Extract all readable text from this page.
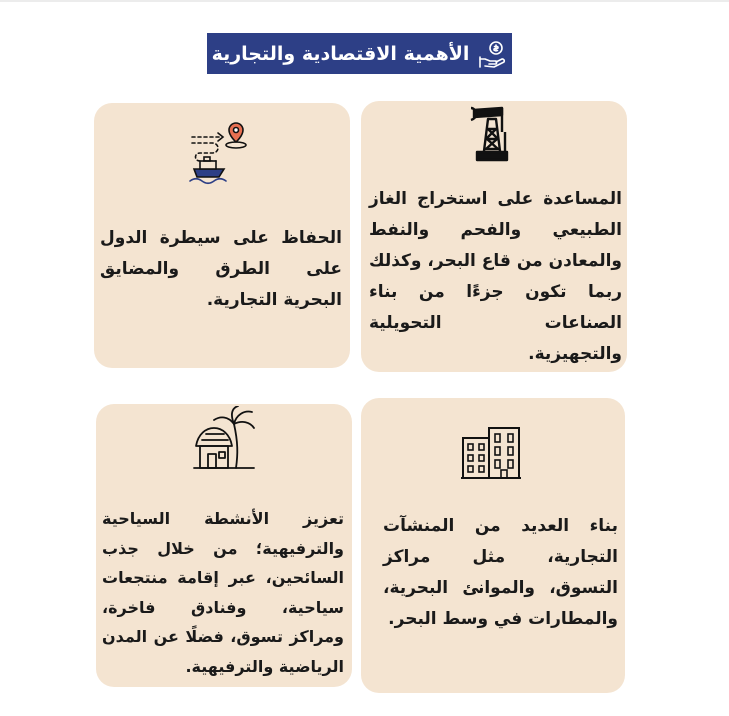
الأهمية الاقتصادية والتجارية

المساعدة على استخراج الغاز الطبيعي والفحم والنفط والمعادن من قاع البحر، وكذلك ربما تكون جزءًا من بناء الصناعات التحويلية والتجهيزية.

الحفاظ على سيطرة الدول على الطرق والمضايق البحرية التجارية.

بناء العديد من المنشآت التجارية، مثل مراكز التسوق، والموانئ البحرية، والمطارات في وسط البحر.

تعزيز الأنشطة السياحية والترفيهية؛ من خلال جذب السائحين، عبر إقامة منتجعات سياحية، وفنادق فاخرة، ومراكز تسوق، فضلًا عن المدن الرياضية والترفيهية.
